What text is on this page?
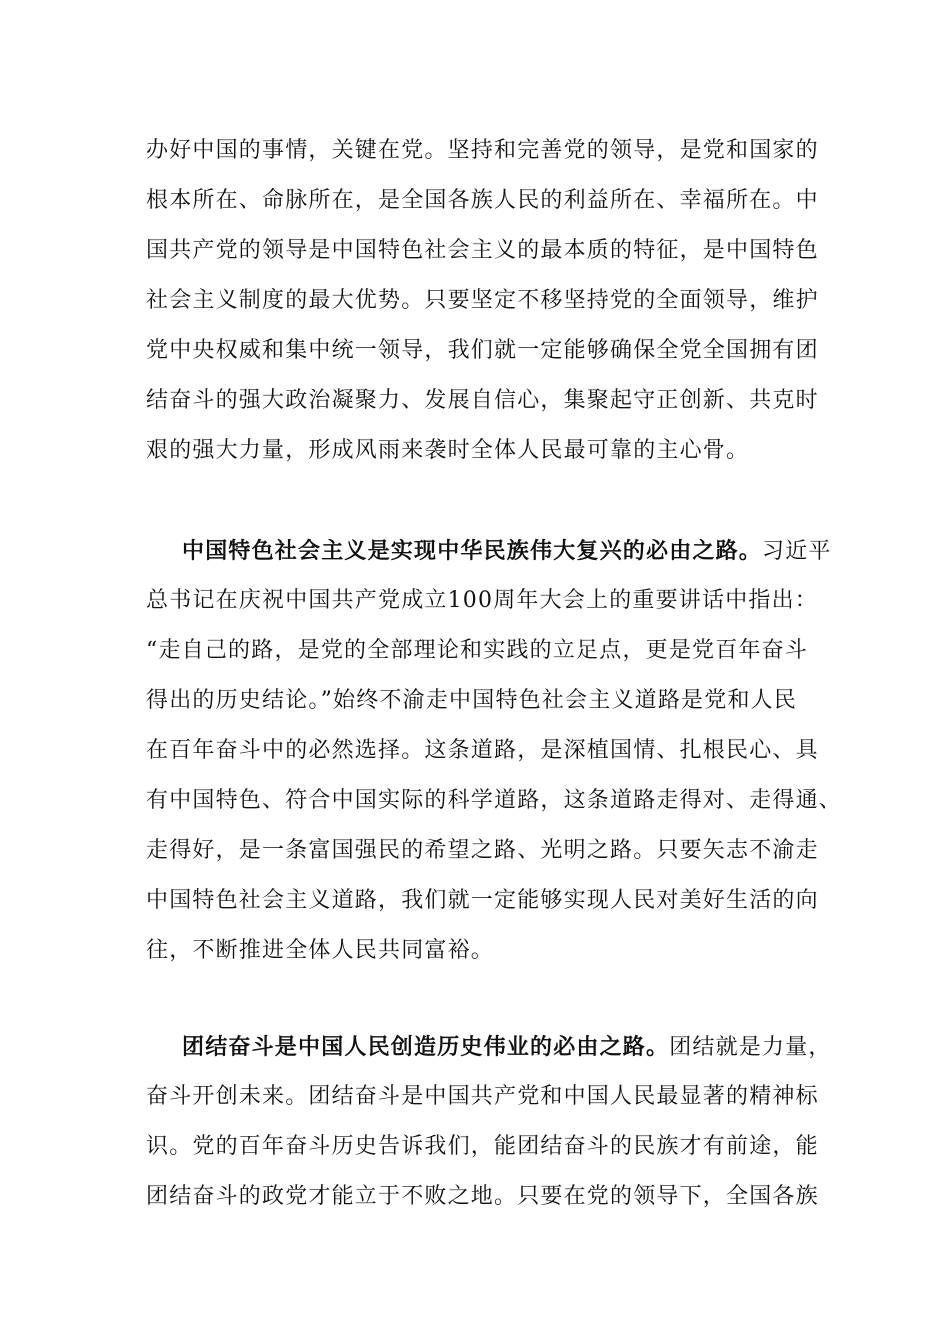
办好中国的事情，关键在党。坚持和完善党的领导，是党和国家的
根本所在、命脉所在，是全国各族人民的利益所在、幸福所在。中
国共产党的领导是中国特色社会主义的最本质的特征，是中国特色
社会主义制度的最大优势。只要坚定不移坚持党的全面领导，维护
党中央权威和集中统一领导，我们就一定能够确保全党全国拥有团
结奋斗的强大政治凝聚力、发展自信心，集聚起守正创新、共克时
艰的强大力量，形成风雨来袭时全体人民最可靠的主心骨。
中国特色社会主义是实现中华民族伟大复兴的必由之路。习近平
总书记在庆祝中国共产党成立100周年大会上的重要讲话中指出：
“走自己的路，是党的全部理论和实践的立足点，更是党百年奋斗
得出的历史结论。”始终不渝走中国特色社会主义道路是党和人民
在百年奋斗中的必然选择。这条道路，是深植国情、扎根民心、具
有中国特色、符合中国实际的科学道路，这条道路走得对、走得通、
走得好，是一条富国强民的希望之路、光明之路。只要矢志不渝走
中国特色社会主义道路，我们就一定能够实现人民对美好生活的向
往，不断推进全体人民共同富裕。
团结奋斗是中国人民创造历史伟业的必由之路。团结就是力量，
奋斗开创未来。团结奋斗是中国共产党和中国人民最显著的精神标
识。党的百年奋斗历史告诉我们，能团结奋斗的民族才有前途，能
团结奋斗的政党才能立于不败之地。只要在党的领导下，全国各族
